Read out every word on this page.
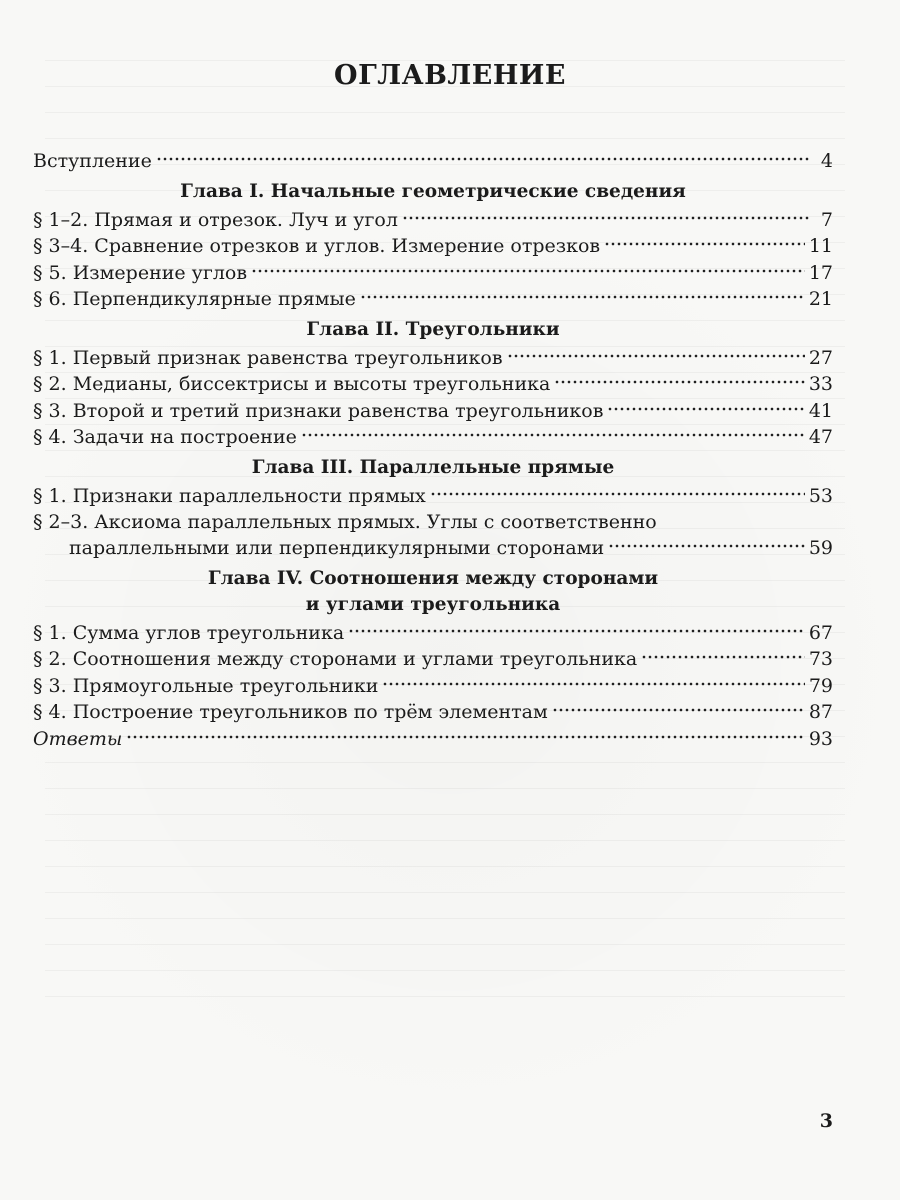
ОГЛАВЛЕНИЕ
Вступление	4
Глава I. Начальные геометрические сведения
§ 1–2. Прямая и отрезок. Луч и угол	7
§ 3–4. Сравнение отрезков и углов. Измерение отрезков	11
§ 5. Измерение углов	17
§ 6. Перпендикулярные прямые	21
Глава II. Треугольники
§ 1. Первый признак равенства треугольников	27
§ 2. Медианы, биссектрисы и высоты треугольника	33
§ 3. Второй и третий признаки равенства треугольников	41
§ 4. Задачи на построение	47
Глава III. Параллельные прямые
§ 1. Признаки параллельности прямых	53
§ 2–3. Аксиома параллельных прямых. Углы с соответственно
параллельными или перпендикулярными сторонами	59
Глава IV. Соотношения между сторонами
и углами треугольника
§ 1. Сумма углов треугольника	67
§ 2. Соотношения между сторонами и углами треугольника	73
§ 3. Прямоугольные треугольники	79
§ 4. Построение треугольников по трём элементам	87
Ответы	93
3
